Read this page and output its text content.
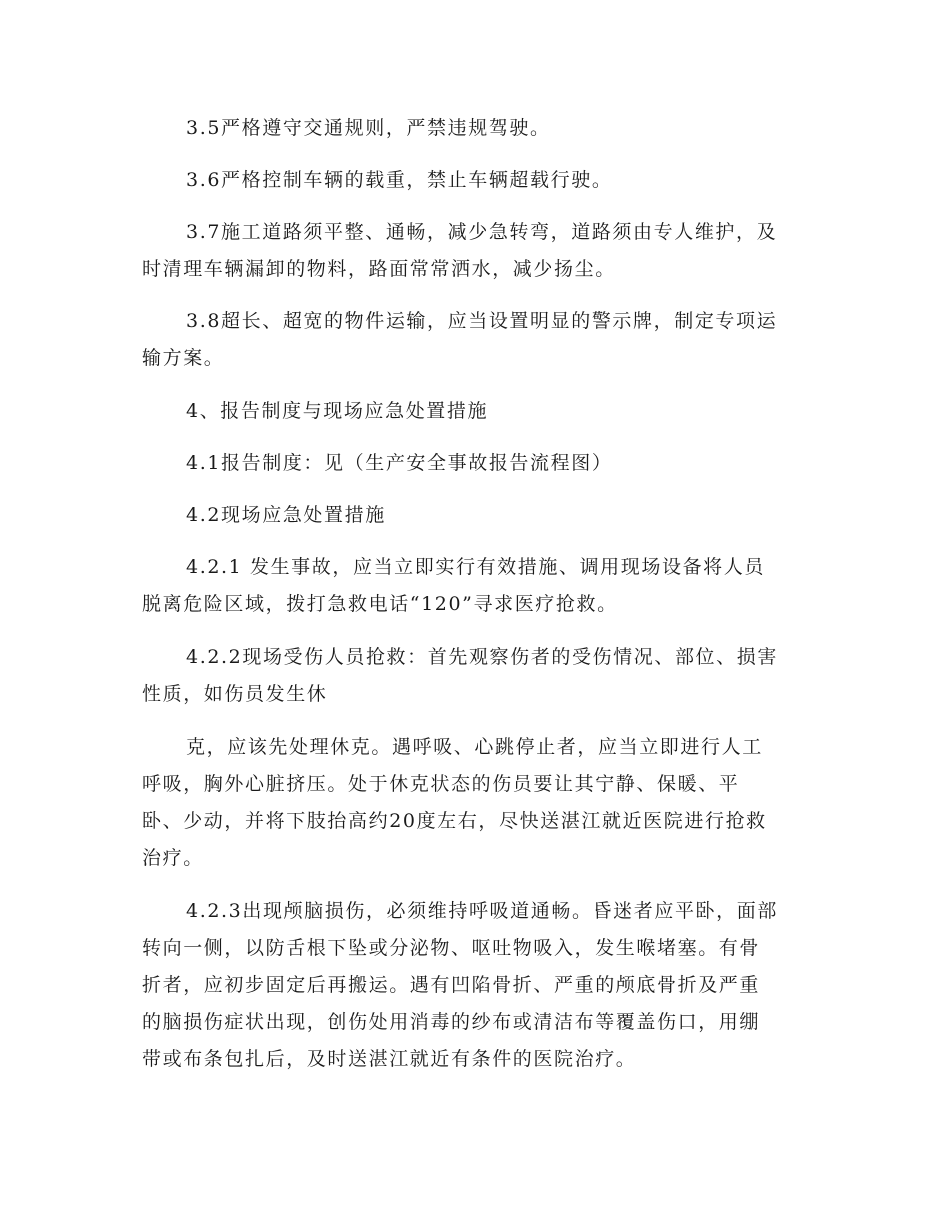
3.5严格遵守交通规则，严禁违规驾驶。
3.6严格控制车辆的载重，禁止车辆超载行驶。
3.7施工道路须平整、通畅，减少急转弯，道路须由专人维护，及
时清理车辆漏卸的物料，路面常常洒水，减少扬尘。
3.8超长、超宽的物件运输，应当设置明显的警示牌，制定专项运
输方案。
4、报告制度与现场应急处置措施
4.1报告制度：见（生产安全事故报告流程图）
4.2现场应急处置措施
4.2.1 发生事故，应当立即实行有效措施、调用现场设备将人员
脱离危险区域，拨打急救电话“120”寻求医疗抢救。
4.2.2现场受伤人员抢救：首先观察伤者的受伤情况、部位、损害
性质，如伤员发生休
克，应该先处理休克。遇呼吸、心跳停止者，应当立即进行人工
呼吸，胸外心脏挤压。处于休克状态的伤员要让其宁静、保暖、平
卧、少动，并将下肢抬高约20度左右，尽快送湛江就近医院进行抢救
治疗。
4.2.3出现颅脑损伤，必须维持呼吸道通畅。昏迷者应平卧，面部
转向一侧，以防舌根下坠或分泌物、呕吐物吸入，发生喉堵塞。有骨
折者，应初步固定后再搬运。遇有凹陷骨折、严重的颅底骨折及严重
的脑损伤症状出现，创伤处用消毒的纱布或清洁布等覆盖伤口，用绷
带或布条包扎后，及时送湛江就近有条件的医院治疗。
